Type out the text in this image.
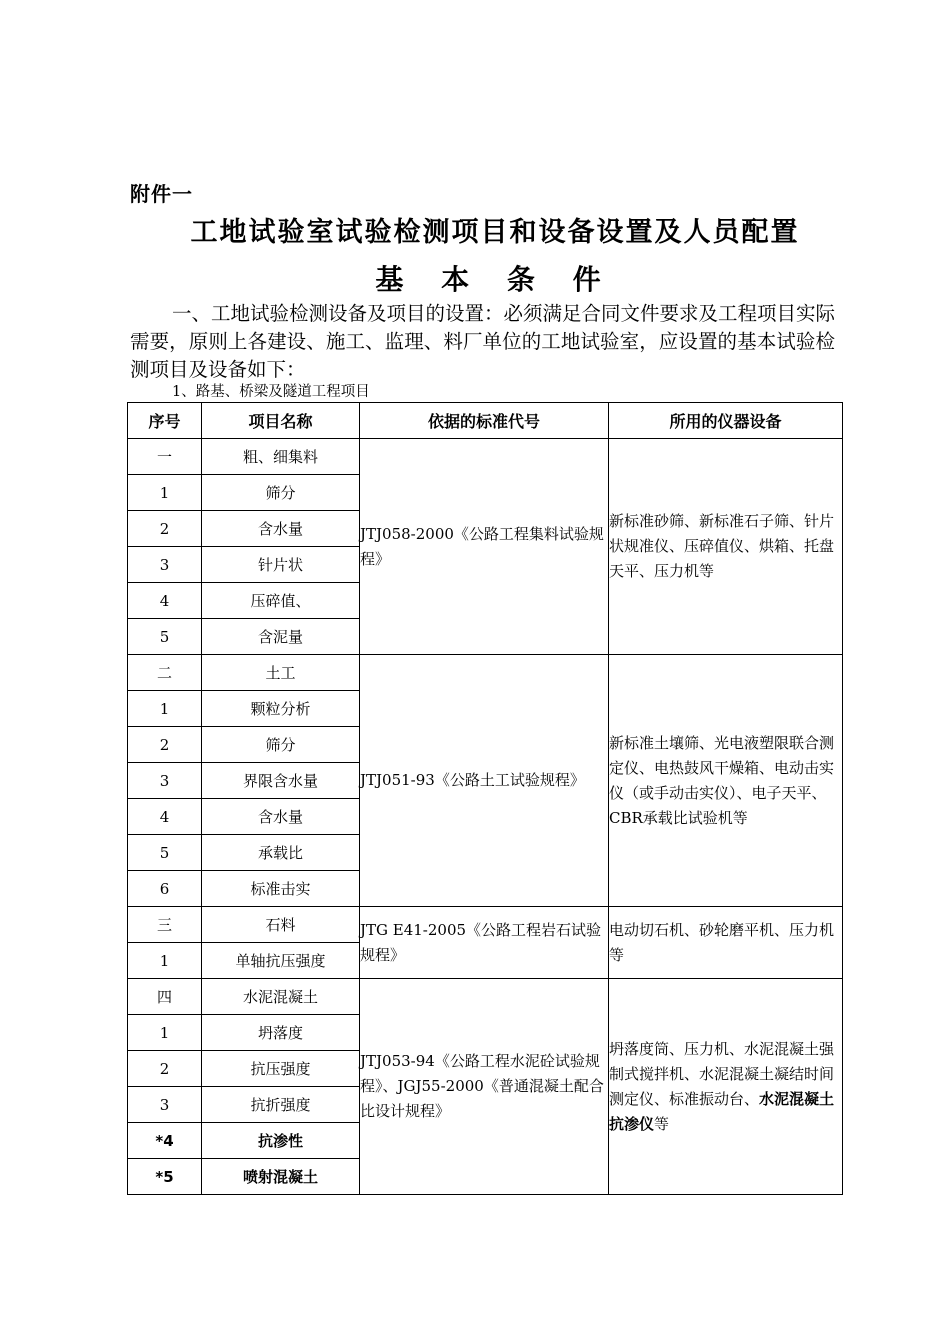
附件一
工地试验室试验检测项目和设备设置及人员配置
基 本 条 件
一、工地试验检测设备及项目的设置：必须满足合同文件要求及工程项目实际需要，原则上各建设、施工、监理、料厂单位的工地试验室，应设置的基本试验检测项目及设备如下：
1、路基、桥梁及隧道工程项目
序号	项目名称	依据的标准代号	所用的仪器设备
一	粗、细集料	JTJ058-2000《公路工程集料试验规程》	新标准砂筛、新标准石子筛、针片状规准仪、压碎值仪、烘箱、托盘天平、压力机等
1	筛分		
2	含水量		
3	针片状		
4	压碎值、		
5	含泥量		
二	土工	JTJ051-93《公路土工试验规程》	新标准土壤筛、光电液塑限联合测定仪、电热鼓风干燥箱、电动击实仪（或手动击实仪）、电子天平、CBR承载比试验机等
1	颗粒分析		
2	筛分		
3	界限含水量		
4	含水量		
5	承载比		
6	标准击实		
三	石料	JTG E41-2005《公路工程岩石试验规程》	电动切石机、砂轮磨平机、压力机等
1	单轴抗压强度		
四	水泥混凝土	JTJ053-94《公路工程水泥砼试验规程》、JGJ55-2000《普通混凝土配合比设计规程》	坍落度筒、压力机、水泥混凝土强制式搅拌机、水泥混凝土凝结时间测定仪、标准振动台、水泥混凝土抗渗仪等
1	坍落度		
2	抗压强度		
3	抗折强度		
*4	抗渗性		
*5	喷射混凝土		
